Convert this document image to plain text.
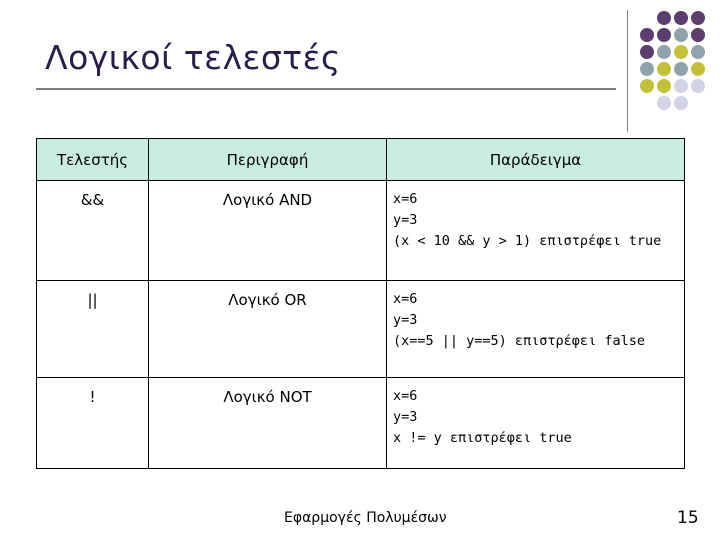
Λογικοί τελεστές
Τελεστής	Περιγραφή	Παράδειγμα
&&	Λογικό AND	x=6
y=3
(x < 10 && y > 1) επιστρέφει true
||	Λογικό OR	x=6
y=3
(x==5 || y==5) επιστρέφει false
!	Λογικό NOT	x=6
y=3
x != y επιστρέφει true
Εφαρμογές Πολυμέσων	15
